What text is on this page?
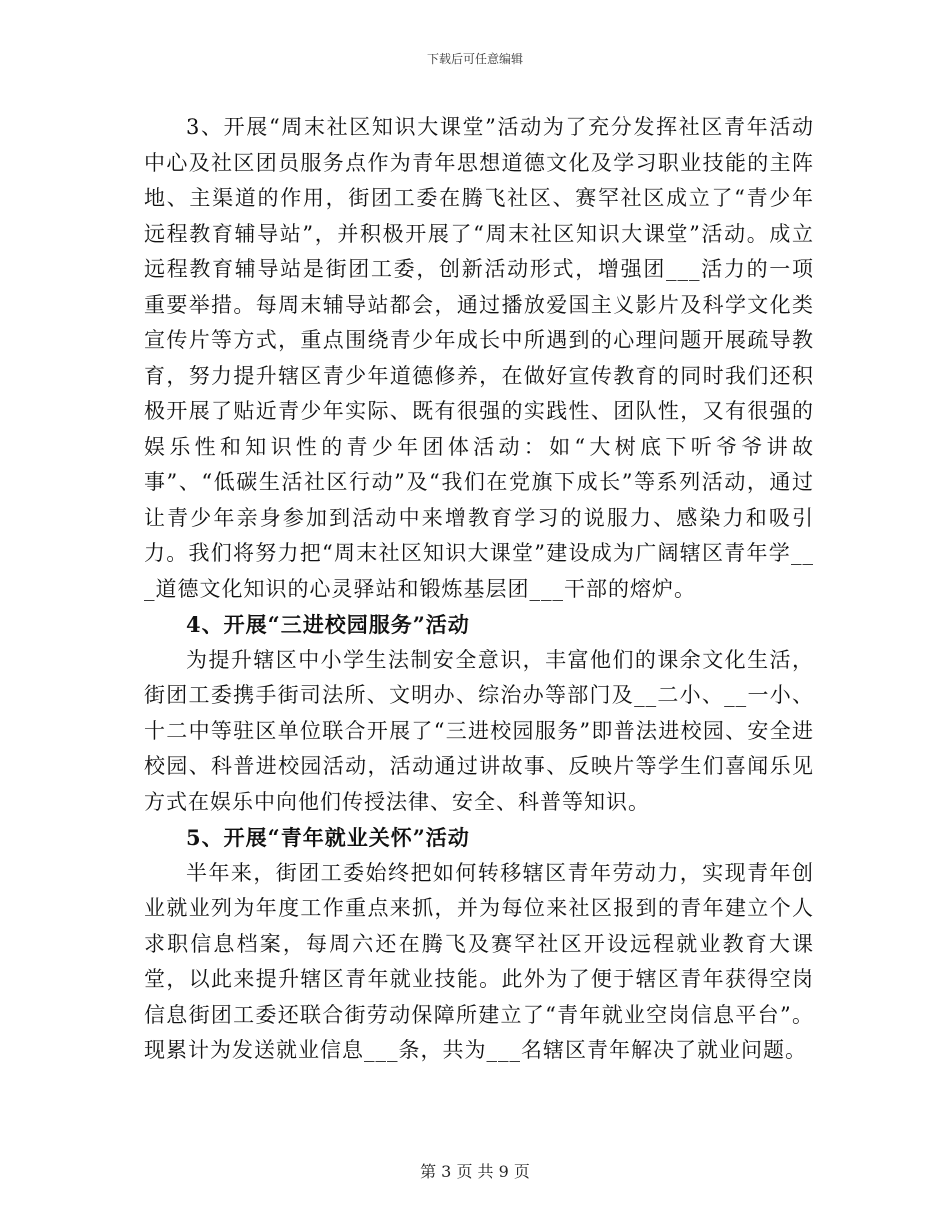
下载后可任意编辑

3、开展“周末社区知识大课堂”活动为了充分发挥社区青年活动中心及社区团员服务点作为青年思想道德文化及学习职业技能的主阵地、主渠道的作用，街团工委在腾飞社区、赛罕社区成立了“青少年远程教育辅导站”，并积极开展了“周末社区知识大课堂”活动。成立远程教育辅导站是街团工委，创新活动形式，增强团___活力的一项重要举措。每周末辅导站都会，通过播放爱国主义影片及科学文化类宣传片等方式，重点围绕青少年成长中所遇到的心理问题开展疏导教育，努力提升辖区青少年道德修养，在做好宣传教育的同时我们还积极开展了贴近青少年实际、既有很强的实践性、团队性，又有很强的娱乐性和知识性的青少年团体活动：如“大树底下听爷爷讲故事”、“低碳生活社区行动”及“我们在党旗下成长”等系列活动，通过让青少年亲身参加到活动中来增教育学习的说服力、感染力和吸引力。我们将努力把“周末社区知识大课堂”建设成为广阔辖区青年学___道德文化知识的心灵驿站和锻炼基层团___干部的熔炉。

4、开展“三进校园服务”活动

为提升辖区中小学生法制安全意识，丰富他们的课余文化生活，街团工委携手街司法所、文明办、综治办等部门及__二小、__一小、十二中等驻区单位联合开展了“三进校园服务”即普法进校园、安全进校园、科普进校园活动，活动通过讲故事、反映片等学生们喜闻乐见方式在娱乐中向他们传授法律、安全、科普等知识。

5、开展“青年就业关怀”活动

半年来，街团工委始终把如何转移辖区青年劳动力，实现青年创业就业列为年度工作重点来抓，并为每位来社区报到的青年建立个人求职信息档案，每周六还在腾飞及赛罕社区开设远程就业教育大课堂，以此来提升辖区青年就业技能。此外为了便于辖区青年获得空岗信息街团工委还联合街劳动保障所建立了“青年就业空岗信息平台”。现累计为发送就业信息___条，共为___名辖区青年解决了就业问题。

第 3 页 共 9 页
